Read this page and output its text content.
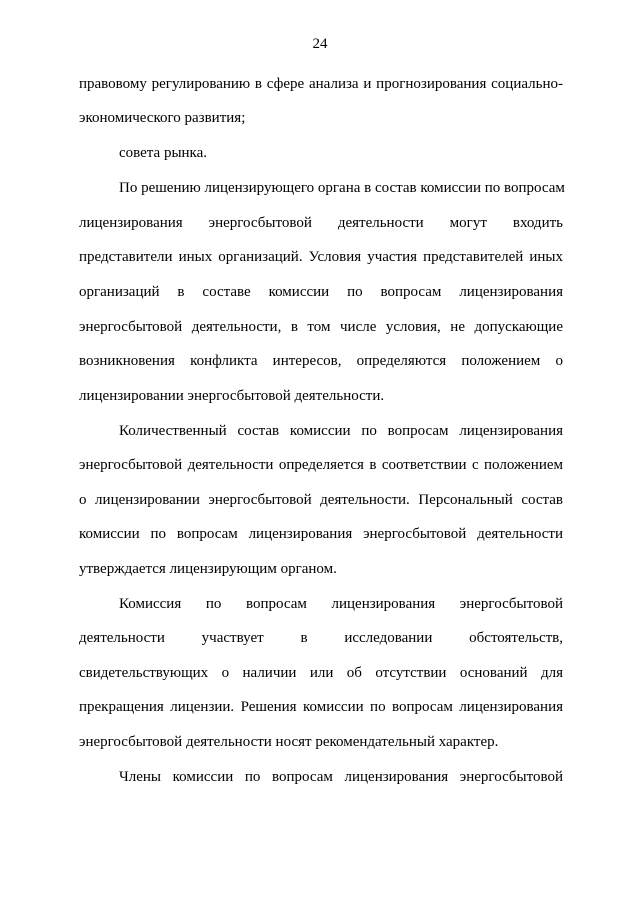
24
правовому регулированию в сфере анализа и прогнозирования социально-
экономического развития;
совета рынка.
По решению лицензирующего органа в состав комиссии по вопросам
лицензирования энергосбытовой деятельности могут входить
представители иных организаций. Условия участия представителей иных
организаций в составе комиссии по вопросам лицензирования
энергосбытовой деятельности, в том числе условия, не допускающие
возникновения конфликта интересов, определяются положением о
лицензировании энергосбытовой деятельности.
Количественный состав комиссии по вопросам лицензирования
энергосбытовой деятельности определяется в соответствии с положением
о лицензировании энергосбытовой деятельности. Персональный состав
комиссии по вопросам лицензирования энергосбытовой деятельности
утверждается лицензирующим органом.
Комиссия по вопросам лицензирования энергосбытовой
деятельности участвует в исследовании обстоятельств,
свидетельствующих о наличии или об отсутствии оснований для
прекращения лицензии. Решения комиссии по вопросам лицензирования
энергосбытовой деятельности носят рекомендательный характер.
Члены комиссии по вопросам лицензирования энергосбытовой
